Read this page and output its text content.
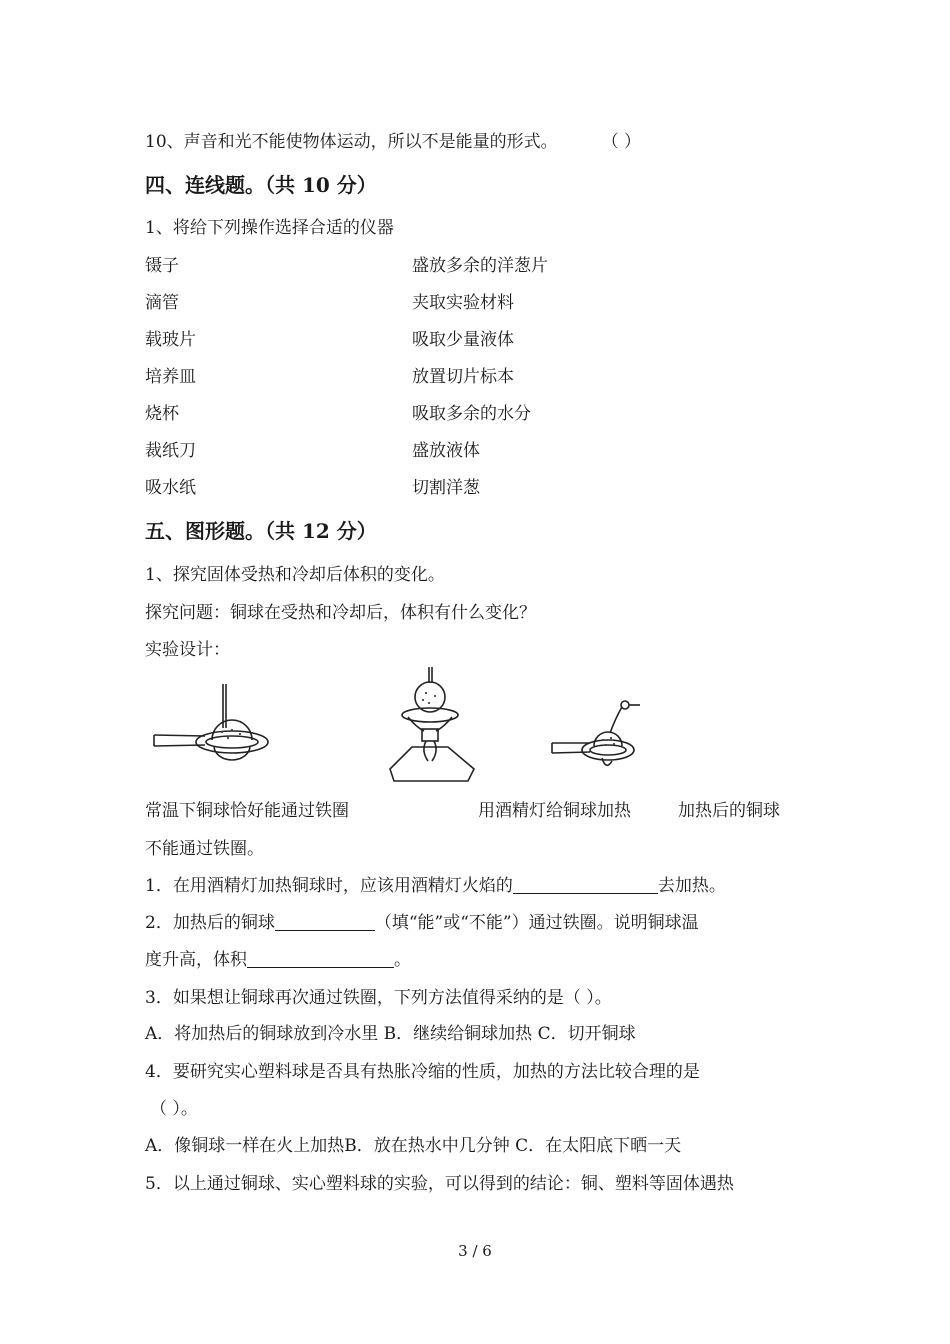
10、声音和光不能使物体运动，所以不是能量的形式。	（ ）
四、连线题。（共 10 分）
1、将给下列操作选择合适的仪器
镊子	盛放多余的洋葱片
滴管	夹取实验材料
载玻片	吸取少量液体
培养皿	放置切片标本
烧杯	吸取多余的水分
裁纸刀	盛放液体
吸水纸	切割洋葱
五、图形题。（共 12 分）
1、探究固体受热和冷却后体积的变化。
探究问题：铜球在受热和冷却后，体积有什么变化？
实验设计：
常温下铜球恰好能通过铁圈	用酒精灯给铜球加热	加热后的铜球
不能通过铁圈。
1．在用酒精灯加热铜球时，应该用酒精灯火焰的	去加热。
2．加热后的铜球	（填“能”或“不能”）通过铁圈。说明铜球温
度升高，体积	。
3．如果想让铜球再次通过铁圈，下列方法值得采纳的是（ ）。
A．将加热后的铜球放到冷水里 B．继续给铜球加热 C．切开铜球
4．要研究实心塑料球是否具有热胀冷缩的性质，加热的方法比较合理的是
（ ）。
A．像铜球一样在火上加热B．放在热水中几分钟 C．在太阳底下晒一天
5．以上通过铜球、实心塑料球的实验，可以得到的结论：铜、塑料等固体遇热
3 / 6
